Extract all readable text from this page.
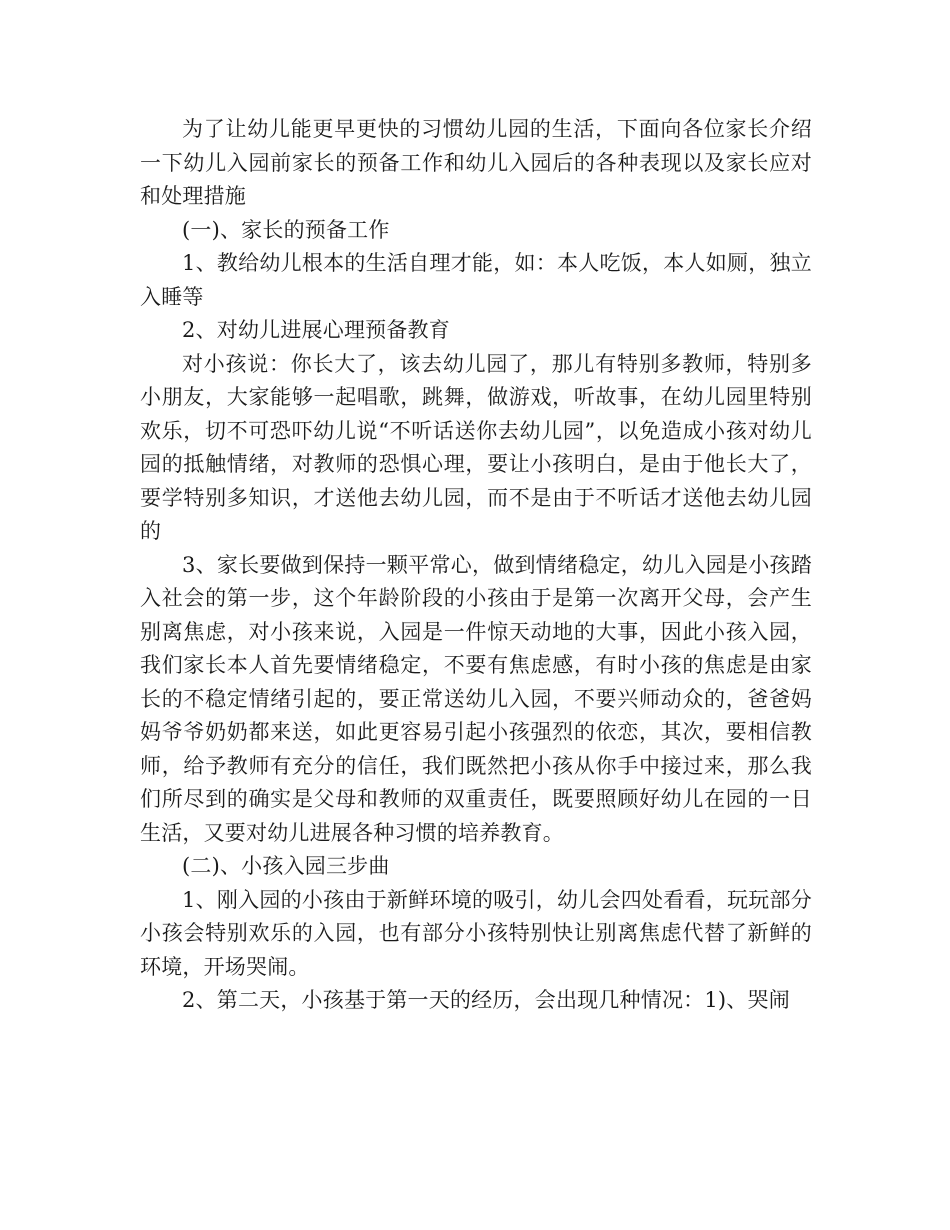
为了让幼儿能更早更快的习惯幼儿园的生活，下面向各位家长介绍一下幼儿入园前家长的预备工作和幼儿入园后的各种表现以及家长应对和处理措施

(一)、家长的预备工作

1、教给幼儿根本的生活自理才能，如：本人吃饭，本人如厕，独立入睡等

2、对幼儿进展心理预备教育

对小孩说：你长大了，该去幼儿园了，那儿有特别多教师，特别多小朋友，大家能够一起唱歌，跳舞，做游戏，听故事，在幼儿园里特别欢乐，切不可恐吓幼儿说“不听话送你去幼儿园”，以免造成小孩对幼儿园的抵触情绪，对教师的恐惧心理，要让小孩明白，是由于他长大了，要学特别多知识，才送他去幼儿园，而不是由于不听话才送他去幼儿园的

3、家长要做到保持一颗平常心，做到情绪稳定，幼儿入园是小孩踏入社会的第一步，这个年龄阶段的小孩由于是第一次离开父母，会产生别离焦虑，对小孩来说，入园是一件惊天动地的大事，因此小孩入园，我们家长本人首先要情绪稳定，不要有焦虑感，有时小孩的焦虑是由家长的不稳定情绪引起的，要正常送幼儿入园，不要兴师动众的，爸爸妈妈爷爷奶奶都来送，如此更容易引起小孩强烈的依恋，其次，要相信教师，给予教师有充分的信任，我们既然把小孩从你手中接过来，那么我们所尽到的确实是父母和教师的双重责任，既要照顾好幼儿在园的一日生活，又要对幼儿进展各种习惯的培养教育。

(二)、小孩入园三步曲

1、刚入园的小孩由于新鲜环境的吸引，幼儿会四处看看，玩玩部分小孩会特别欢乐的入园，也有部分小孩特别快让别离焦虑代替了新鲜的环境，开场哭闹。

2、第二天，小孩基于第一天的经历，会出现几种情况：1)、哭闹
